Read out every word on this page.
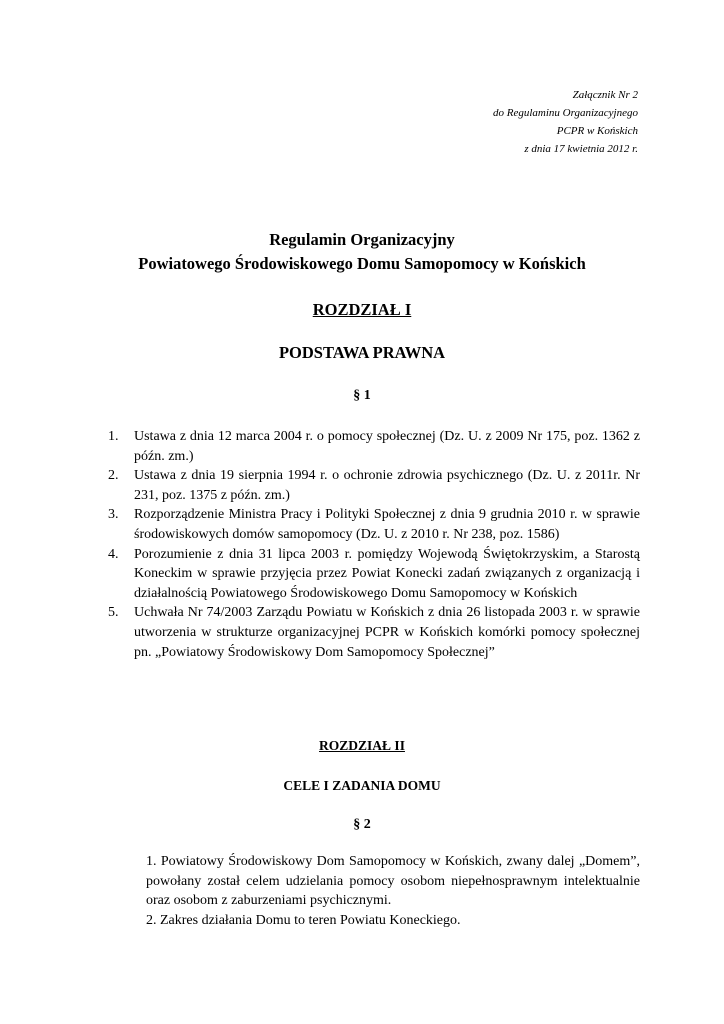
Załącznik Nr 2
do Regulaminu Organizacyjnego
PCPR w Końskich
z dnia 17 kwietnia 2012 r.
Regulamin Organizacyjny
Powiatowego Środowiskowego Domu Samopomocy w Końskich
ROZDZIAŁ I
PODSTAWA PRAWNA
§ 1
1.	Ustawa z dnia 12 marca 2004 r. o pomocy społecznej (Dz. U. z 2009 Nr 175, poz. 1362 z późn. zm.)
2.	Ustawa z dnia 19 sierpnia 1994 r. o ochronie zdrowia psychicznego (Dz. U. z 2011r. Nr 231, poz. 1375 z późn. zm.)
3.	Rozporządzenie Ministra Pracy i Polityki Społecznej z dnia 9 grudnia 2010 r. w sprawie środowiskowych domów samopomocy (Dz. U. z 2010 r. Nr 238, poz. 1586)
4.	Porozumienie z dnia 31 lipca 2003 r. pomiędzy Wojewodą Świętokrzyskim, a Starostą Koneckim w sprawie przyjęcia przez Powiat Konecki zadań związanych z organizacją i działalnością Powiatowego Środowiskowego Domu Samopomocy w Końskich
5.	Uchwała Nr 74/2003 Zarządu Powiatu w Końskich z dnia 26 listopada 2003 r. w sprawie utworzenia w strukturze organizacyjnej PCPR w Końskich komórki pomocy społecznej pn. „Powiatowy Środowiskowy Dom Samopomocy Społecznej”
ROZDZIAŁ II
CELE I ZADANIA DOMU
§ 2
1. Powiatowy Środowiskowy Dom Samopomocy w Końskich, zwany dalej „Domem”, powołany został celem udzielania pomocy osobom niepełnosprawnym intelektualnie oraz osobom z zaburzeniami psychicznymi.
2. Zakres działania Domu to teren Powiatu Koneckiego.
